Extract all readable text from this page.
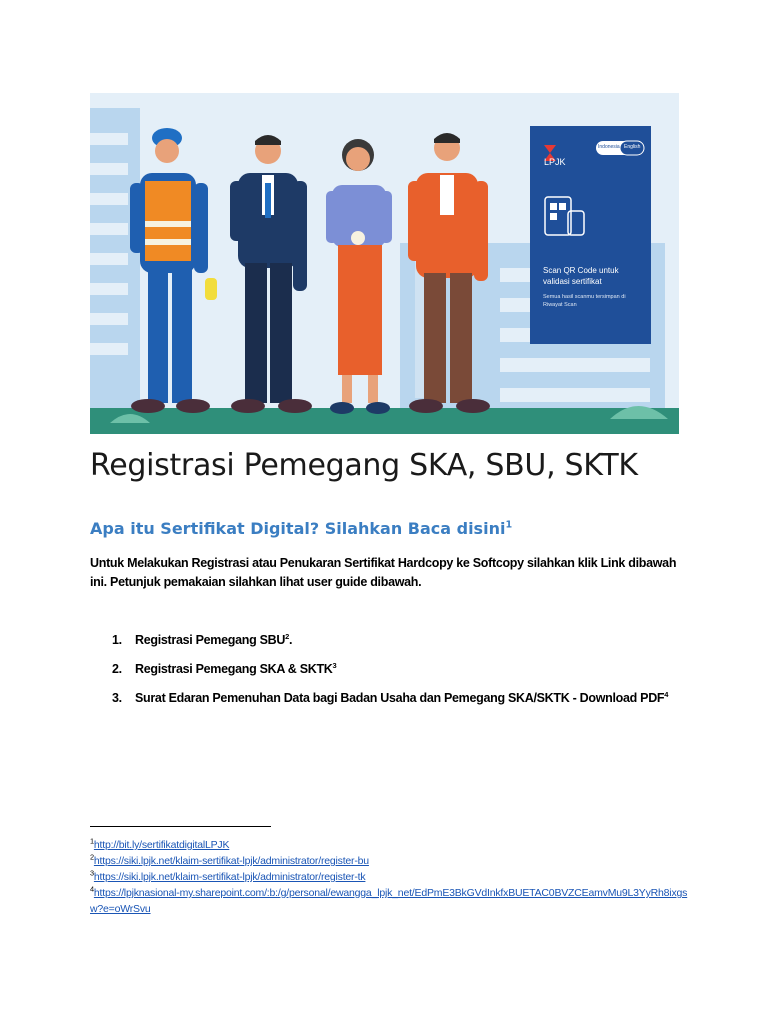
LPJK
Indonesia English
Scan QR Code untuk validasi sertifikat
Semua hasil scanmu tersimpan di Riwayat Scan
Registrasi Pemegang SKA, SBU, SKTK
Apa itu Sertifikat Digital? Silahkan Baca disini$^1$

Untuk Melakukan Registrasi atau Penukaran Sertifikat Hardcopy ke Softcopy silahkan klik Link dibawah ini. Petunjuk pemakaian silahkan lihat user guide dibawah.

1.	Registrasi Pemegang SBU$^2$.
2.	Registrasi Pemegang SKA & SKTK$^3$
3.	Surat Edaran Pemenuhan Data bagi Badan Usaha dan Pemegang SKA/SKTK - Download PDF$^4$
$^1$http://bit.ly/sertifikatdigitalLPJK
$^2$https://siki.lpjk.net/klaim-sertifikat-lpjk/administrator/register-bu
$^3$https://siki.lpjk.net/klaim-sertifikat-lpjk/administrator/register-tk
$^4$https://lpjknasional-my.sharepoint.com/:b:/g/personal/ewangga_lpjk_net/EdPmE3BkGVdInkfxBUETAC0BVZCEamvMu9L3YyRh8ixgsw?e=oWrSvu
